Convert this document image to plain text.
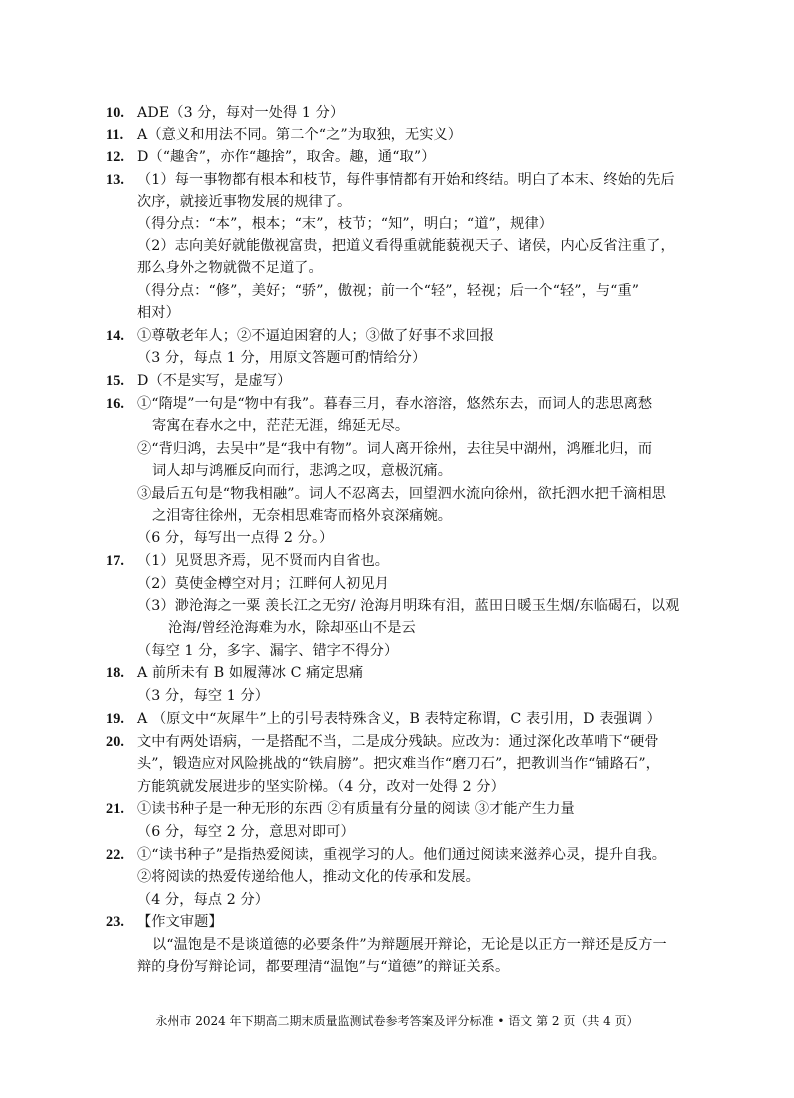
10. ADE（3 分，每对一处得 1 分）
11. A（意义和用法不同。第二个“之”为取独，无实义）
12. D（“趣舍”，亦作“趣捨”，取舍。趣，通“取”）
13. （1）每一事物都有根本和枝节，每件事情都有开始和终结。明白了本末、终始的先后
次序，就接近事物发展的规律了。
（得分点：“本”，根本；“末”，枝节；“知”，明白；“道”，规律）
（2）志向美好就能傲视富贵，把道义看得重就能藐视天子、诸侯，内心反省注重了，
那么身外之物就微不足道了。
（得分点：“修”，美好；“骄”，傲视；前一个“轻”，轻视；后一个“轻”，与“重”
相对）
14. ①尊敬老年人；②不逼迫困窘的人；③做了好事不求回报
（3 分，每点 1 分，用原文答题可酌情给分）
15. D（不是实写，是虚写）
16. ①“隋堤”一句是“物中有我”。暮春三月，春水溶溶，悠然东去，而词人的悲思离愁
寄寓在春水之中，茫茫无涯，绵延无尽。
②“背归鸿，去吴中”是“我中有物”。词人离开徐州，去往吴中湖州，鸿雁北归，而
词人却与鸿雁反向而行，悲鸿之叹，意极沉痛。
③最后五句是“物我相融”。词人不忍离去，回望泗水流向徐州，欲托泗水把千滴相思
之泪寄往徐州，无奈相思难寄而格外哀深痛婉。
（6 分，每写出一点得 2 分。）
17. （1）见贤思齐焉，见不贤而内自省也。
（2）莫使金樽空对月；江畔何人初见月
（3）渺沧海之一粟 羡长江之无穷/ 沧海月明珠有泪，蓝田日暖玉生烟/东临碣石，以观
沧海/曾经沧海难为水，除却巫山不是云
（每空 1 分，多字、漏字、错字不得分）
18. A 前所未有 B 如履薄冰 C 痛定思痛
（3 分，每空 1 分）
19. A （原文中“灰犀牛”上的引号表特殊含义，B 表特定称谓，C 表引用，D 表强调 ）
20. 文中有两处语病，一是搭配不当，二是成分残缺。应改为：通过深化改革啃下“硬骨
头”，锻造应对风险挑战的“铁肩膀”。把灾难当作“磨刀石”，把教训当作“铺路石”，
方能筑就发展进步的坚实阶梯。（4 分，改对一处得 2 分）
21. ①读书种子是一种无形的东西 ②有质量有分量的阅读 ③才能产生力量
（6 分，每空 2 分，意思对即可）
22. ①“读书种子”是指热爱阅读，重视学习的人。他们通过阅读来滋养心灵，提升自我。
②将阅读的热爱传递给他人，推动文化的传承和发展。
（4 分，每点 2 分）
23. 【作文审题】
以“温饱是不是谈道德的必要条件”为辩题展开辩论，无论是以正方一辩还是反方一
辩的身份写辩论词，都要理清“温饱”与“道德”的辩证关系。
永州市 2024 年下期高二期末质量监测试卷参考答案及评分标准 • 语文 第 2 页（共 4 页）
